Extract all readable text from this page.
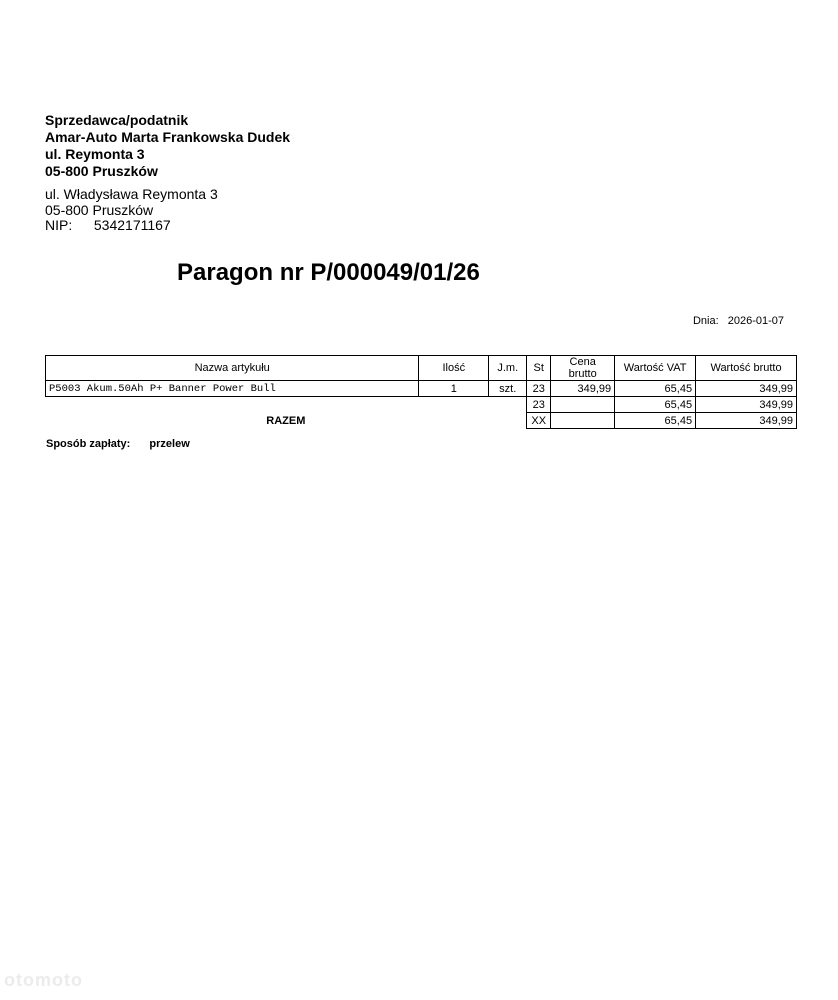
Sprzedawca/podatnik
Amar-Auto Marta Frankowska Dudek
ul. Reymonta 3
05-800 Pruszków
ul. Władysława Reymonta 3
05-800 Pruszków
NIP: 5342171167
Paragon nr P/000049/01/26
Dnia: 2026-01-07
Nazwa artykułu	Ilość	J.m.	St	Cena brutto	Wartość VAT	Wartość brutto
P5003 Akum.50Ah P+ Banner Power Bull	1	szt.	23	349,99	65,45	349,99
			23		65,45	349,99
RAZEM			XX		65,45	349,99
Sposób zapłaty: przelew
otomoto
